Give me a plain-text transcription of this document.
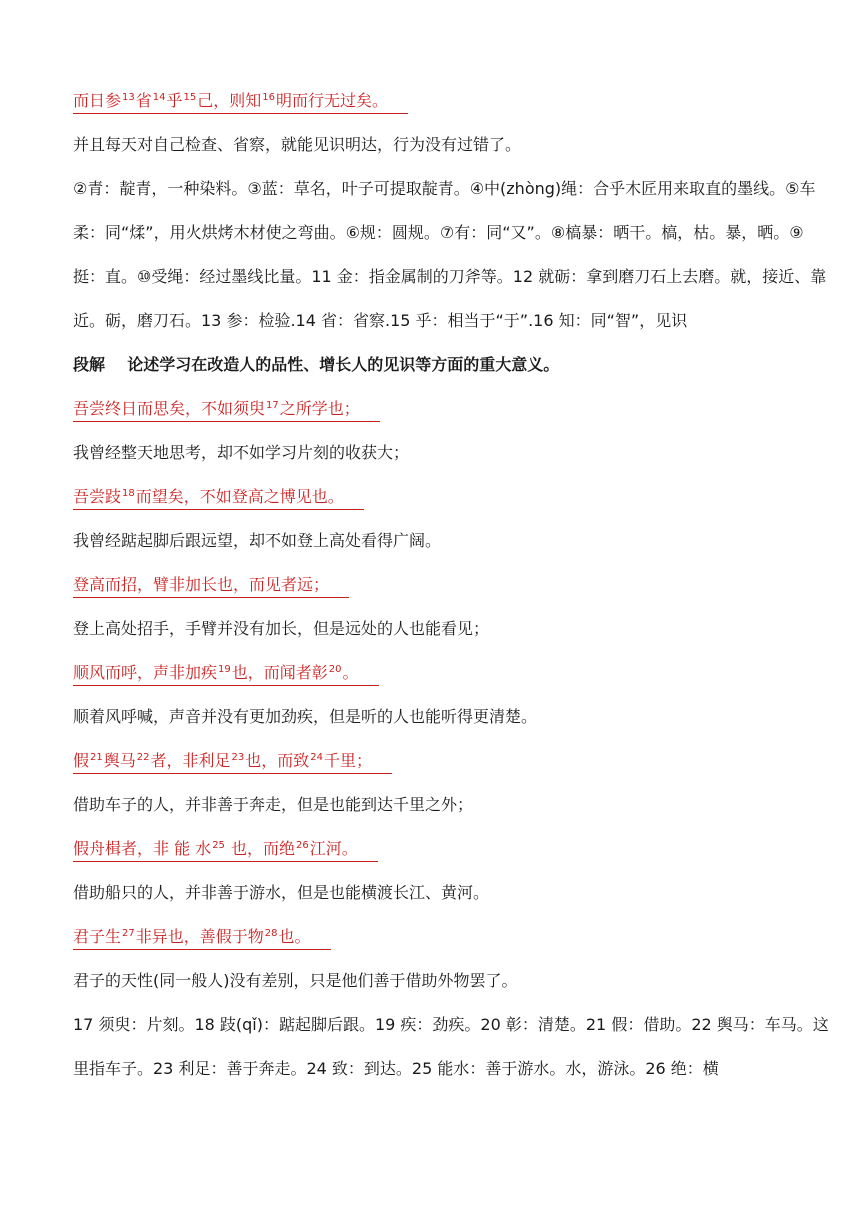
而日参$^{13}$省$^{14}$乎$^{15}$己，则知$^{16}$明而行无过矣。
并且每天对自己检查、省察，就能见识明达，行为没有过错了。
②青：靛青，一种染料。③蓝：草名，叶子可提取靛青。④中(zhòng)绳：合乎木匠用来取直的墨线。⑤车柔：同“煣”，用火烘烤木材使之弯曲。⑥规：圆规。⑦有：同“又”。⑧槁暴：晒干。槁，枯。暴，晒。⑨挺：直。⑩受绳：经过墨线比量。11 金：指金属制的刀斧等。12 就砺：拿到磨刀石上去磨。就，接近、靠近。砺，磨刀石。13 参：检验.14 省：省察.15 乎：相当于“于”.16 知：同“智”，见识
段解 论述学习在改造人的品性、增长人的见识等方面的重大意义。
吾尝终日而思矣，不如须臾$^{17}$之所学也；
我曾经整天地思考，却不如学习片刻的收获大；
吾尝跂$^{18}$而望矣，不如登高之博见也。
我曾经踮起脚后跟远望，却不如登上高处看得广阔。
登高而招，臂非加长也，而见者远；
登上高处招手，手臂并没有加长，但是远处的人也能看见；
顺风而呼，声非加疾$^{19}$也，而闻者彰$^{20}$。
顺着风呼喊，声音并没有更加劲疾，但是听的人也能听得更清楚。
假$^{21}$舆马$^{22}$者，非利足$^{23}$也，而致$^{24}$千里；
借助车子的人，并非善于奔走，但是也能到达千里之外；
假舟楫者，非 能 水$^{25}$ 也，而绝$^{26}$江河。
借助船只的人，并非善于游水，但是也能横渡长江、黄河。
君子生$^{27}$非异也，善假于物$^{28}$也。
君子的天性(同一般人)没有差别，只是他们善于借助外物罢了。
17 须臾：片刻。18 跂(qǐ)：踮起脚后跟。19 疾：劲疾。20 彰：清楚。21 假：借助。22 舆马：车马。这里指车子。23 利足：善于奔走。24 致：到达。25 能水：善于游水。水，游泳。26 绝：横
